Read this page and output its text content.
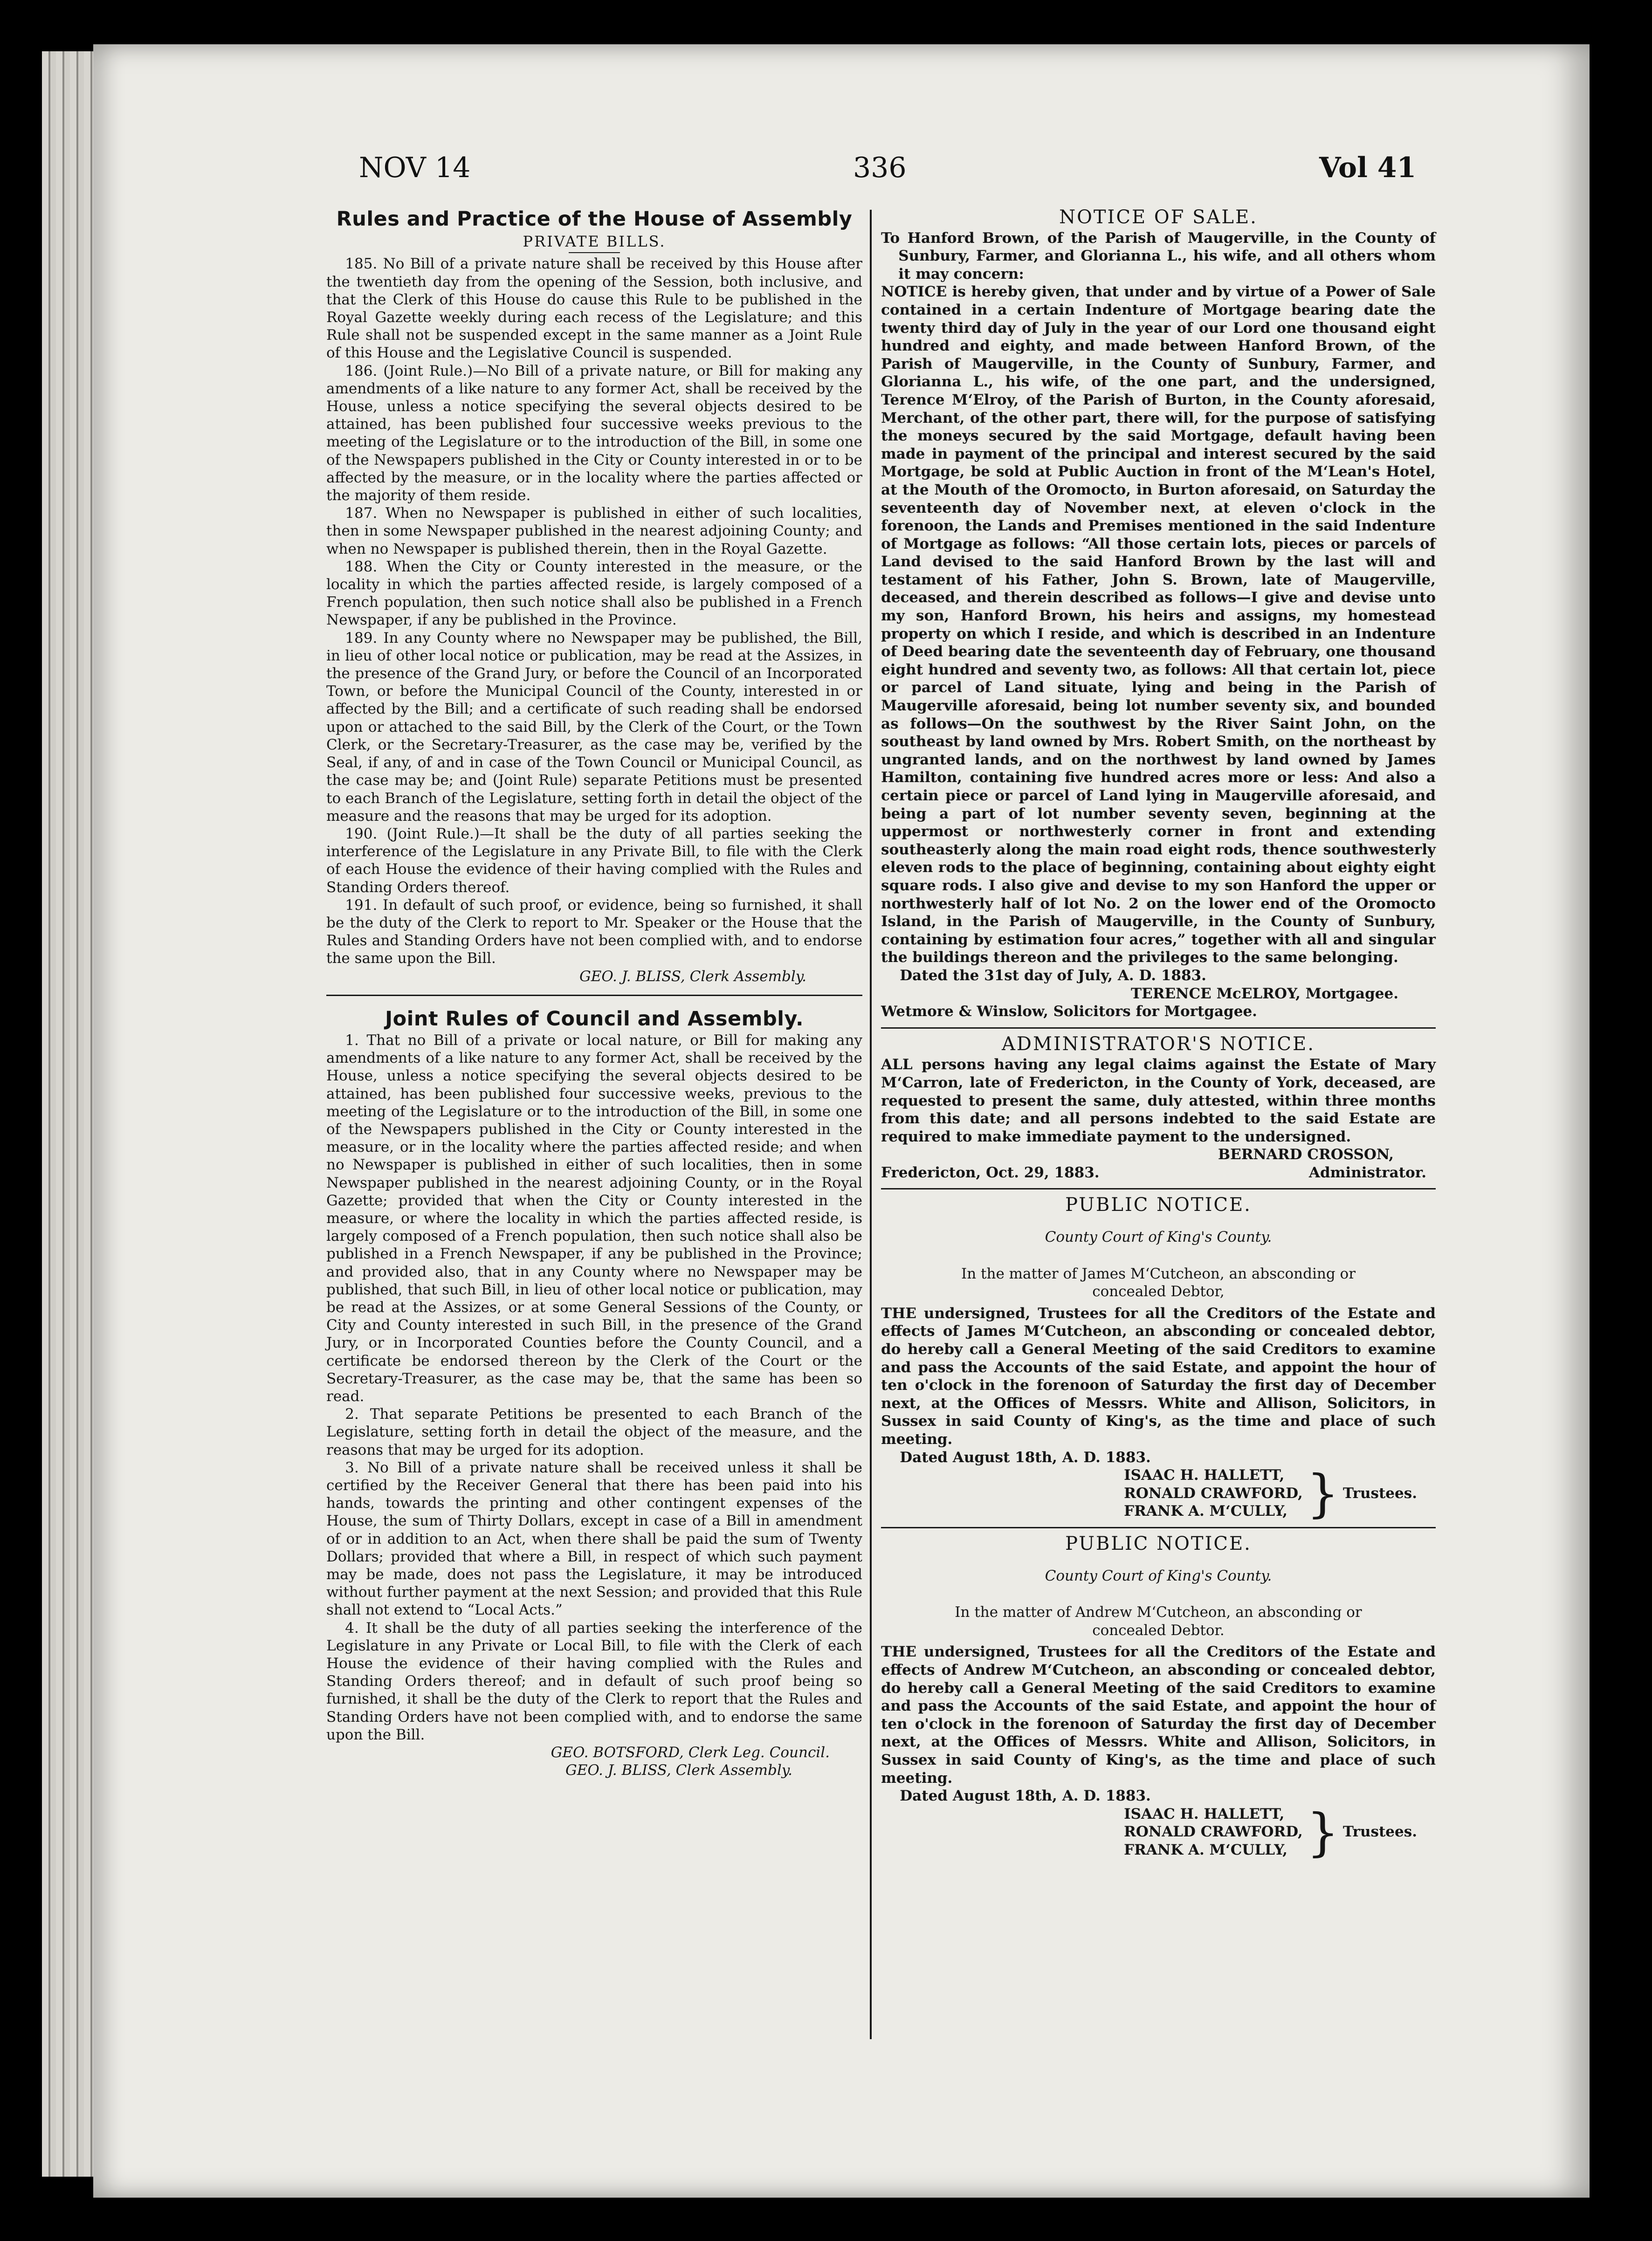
NOV 14	336	Vol 41
Rules and Practice of the House of Assembly
PRIVATE BILLS.

185. No Bill of a private nature shall be received by this House after the twentieth day from the opening of the Session, both inclusive, and that the Clerk of this House do cause this Rule to be published in the Royal Gazette weekly during each recess of the Legislature; and this Rule shall not be suspended except in the same manner as a Joint Rule of this House and the Legislative Council is suspended.

186. (Joint Rule.)—No Bill of a private nature, or Bill for making any amendments of a like nature to any former Act, shall be received by the House, unless a notice specifying the several objects desired to be attained, has been published four successive weeks previous to the meeting of the Legislature or to the introduction of the Bill, in some one of the Newspapers published in the City or County interested in or to be affected by the measure, or in the locality where the parties affected or the majority of them reside.

187. When no Newspaper is published in either of such localities, then in some Newspaper published in the nearest adjoining County; and when no Newspaper is published therein, then in the Royal Gazette.

188. When the City or County interested in the measure, or the locality in which the parties affected reside, is largely composed of a French population, then such notice shall also be published in a French Newspaper, if any be published in the Province.

189. In any County where no Newspaper may be published, the Bill, in lieu of other local notice or publication, may be read at the Assizes, in the presence of the Grand Jury, or before the Council of an Incorporated Town, or before the Municipal Council of the County, interested in or affected by the Bill; and a certificate of such reading shall be endorsed upon or attached to the said Bill, by the Clerk of the Court, or the Town Clerk, or the Secretary-Treasurer, as the case may be, verified by the Seal, if any, of and in case of the Town Council or Municipal Council, as the case may be; and (Joint Rule) separate Petitions must be presented to each Branch of the Legislature, setting forth in detail the object of the measure and the reasons that may be urged for its adoption.

190. (Joint Rule.)—It shall be the duty of all parties seeking the interference of the Legislature in any Private Bill, to file with the Clerk of each House the evidence of their having complied with the Rules and Standing Orders thereof.

191. In default of such proof, or evidence, being so furnished, it shall be the duty of the Clerk to report to Mr. Speaker or the House that the Rules and Standing Orders have not been complied with, and to endorse the same upon the Bill.

GEO. J. BLISS, Clerk Assembly.
Joint Rules of Council and Assembly.

1. That no Bill of a private or local nature, or Bill for making any amendments of a like nature to any former Act, shall be received by the House, unless a notice specifying the several objects desired to be attained, has been published four successive weeks, previous to the meeting of the Legislature or to the introduction of the Bill, in some one of the Newspapers published in the City or County interested in the measure, or in the locality where the parties affected reside; and when no Newspaper is published in either of such localities, then in some Newspaper published in the nearest adjoining County, or in the Royal Gazette; provided that when the City or County interested in the measure, or where the locality in which the parties affected reside, is largely composed of a French population, then such notice shall also be published in a French Newspaper, if any be published in the Province; and provided also, that in any County where no Newspaper may be published, that such Bill, in lieu of other local notice or publication, may be read at the Assizes, or at some General Sessions of the County, or City and County interested in such Bill, in the presence of the Grand Jury, or in Incorporated Counties before the County Council, and a certificate be endorsed thereon by the Clerk of the Court or the Secretary-Treasurer, as the case may be, that the same has been so read.

2. That separate Petitions be presented to each Branch of the Legislature, setting forth in detail the object of the measure, and the reasons that may be urged for its adoption.

3. No Bill of a private nature shall be received unless it shall be certified by the Receiver General that there has been paid into his hands, towards the printing and other contingent expenses of the House, the sum of Thirty Dollars, except in case of a Bill in amendment of or in addition to an Act, when there shall be paid the sum of Twenty Dollars; provided that where a Bill, in respect of which such payment may be made, does not pass the Legislature, it may be introduced without further payment at the next Session; and provided that this Rule shall not extend to “Local Acts.”

4. It shall be the duty of all parties seeking the interference of the Legislature in any Private or Local Bill, to file with the Clerk of each House the evidence of their having complied with the Rules and Standing Orders thereof; and in default of such proof being so furnished, it shall be the duty of the Clerk to report that the Rules and Standing Orders have not been complied with, and to endorse the same upon the Bill.

GEO. BOTSFORD, Clerk Leg. Council.
GEO. J. BLISS, Clerk Assembly.
NOTICE OF SALE.

To Hanford Brown, of the Parish of Maugerville, in the County of Sunbury, Farmer, and Glorianna L., his wife, and all others whom it may concern:

NOTICE is hereby given, that under and by virtue of a Power of Sale contained in a certain Indenture of Mortgage bearing date the twenty third day of July in the year of our Lord one thousand eight hundred and eighty, and made between Hanford Brown, of the Parish of Maugerville, in the County of Sunbury, Farmer, and Glorianna L., his wife, of the one part, and the undersigned, Terence M‘Elroy, of the Parish of Burton, in the County aforesaid, Merchant, of the other part, there will, for the purpose of satisfying the moneys secured by the said Mortgage, default having been made in payment of the principal and interest secured by the said Mortgage, be sold at Public Auction in front of the M‘Lean's Hotel, at the Mouth of the Oromocto, in Burton aforesaid, on Saturday the seventeenth day of November next, at eleven o'clock in the forenoon, the Lands and Premises mentioned in the said Indenture of Mortgage as follows: “All those certain lots, pieces or parcels of Land devised to the said Hanford Brown by the last will and testament of his Father, John S. Brown, late of Maugerville, deceased, and therein described as follows—I give and devise unto my son, Hanford Brown, his heirs and assigns, my homestead property on which I reside, and which is described in an Indenture of Deed bearing date the seventeenth day of February, one thousand eight hundred and seventy two, as follows: All that certain lot, piece or parcel of Land situate, lying and being in the Parish of Maugerville aforesaid, being lot number seventy six, and bounded as follows—On the southwest by the River Saint John, on the southeast by land owned by Mrs. Robert Smith, on the northeast by ungranted lands, and on the northwest by land owned by James Hamilton, containing five hundred acres more or less: And also a certain piece or parcel of Land lying in Maugerville aforesaid, and being a part of lot number seventy seven, beginning at the uppermost or northwesterly corner in front and extending southeasterly along the main road eight rods, thence southwesterly eleven rods to the place of beginning, containing about eighty eight square rods. I also give and devise to my son Hanford the upper or northwesterly half of lot No. 2 on the lower end of the Oromocto Island, in the Parish of Maugerville, in the County of Sunbury, containing by estimation four acres,” together with all and singular the buildings thereon and the privileges to the same belonging.

Dated the 31st day of July, A. D. 1883.

TERENCE McELROY, Mortgagee.
Wetmore & Winslow, Solicitors for Mortgagee.
ADMINISTRATOR'S NOTICE.

ALL persons having any legal claims against the Estate of Mary M‘Carron, late of Fredericton, in the County of York, deceased, are requested to present the same, duly attested, within three months from this date; and all persons indebted to the said Estate are required to make immediate payment to the undersigned.

BERNARD CROSSON,
Fredericton, Oct. 29, 1883.	Administrator.
PUBLIC NOTICE.
County Court of King's County.
In the matter of James M‘Cutcheon, an absconding or concealed Debtor,

THE undersigned, Trustees for all the Creditors of the Estate and effects of James M‘Cutcheon, an absconding or concealed debtor, do hereby call a General Meeting of the said Creditors to examine and pass the Accounts of the said Estate, and appoint the hour of ten o'clock in the forenoon of Saturday the first day of December next, at the Offices of Messrs. White and Allison, Solicitors, in Sussex in said County of King's, as the time and place of such meeting.

Dated August 18th, A. D. 1883.

ISAAC H. HALLETT,
RONALD CRAWFORD,
FRANK A. M‘CULLY, } Trustees.
PUBLIC NOTICE.
County Court of King's County.
In the matter of Andrew M‘Cutcheon, an absconding or concealed Debtor.

THE undersigned, Trustees for all the Creditors of the Estate and effects of Andrew M‘Cutcheon, an absconding or concealed debtor, do hereby call a General Meeting of the said Creditors to examine and pass the Accounts of the said Estate, and appoint the hour of ten o'clock in the forenoon of Saturday the first day of December next, at the Offices of Messrs. White and Allison, Solicitors, in Sussex in said County of King's, as the time and place of such meeting.

Dated August 18th, A. D. 1883.

ISAAC H. HALLETT,
RONALD CRAWFORD,
FRANK A. M‘CULLY, } Trustees.
